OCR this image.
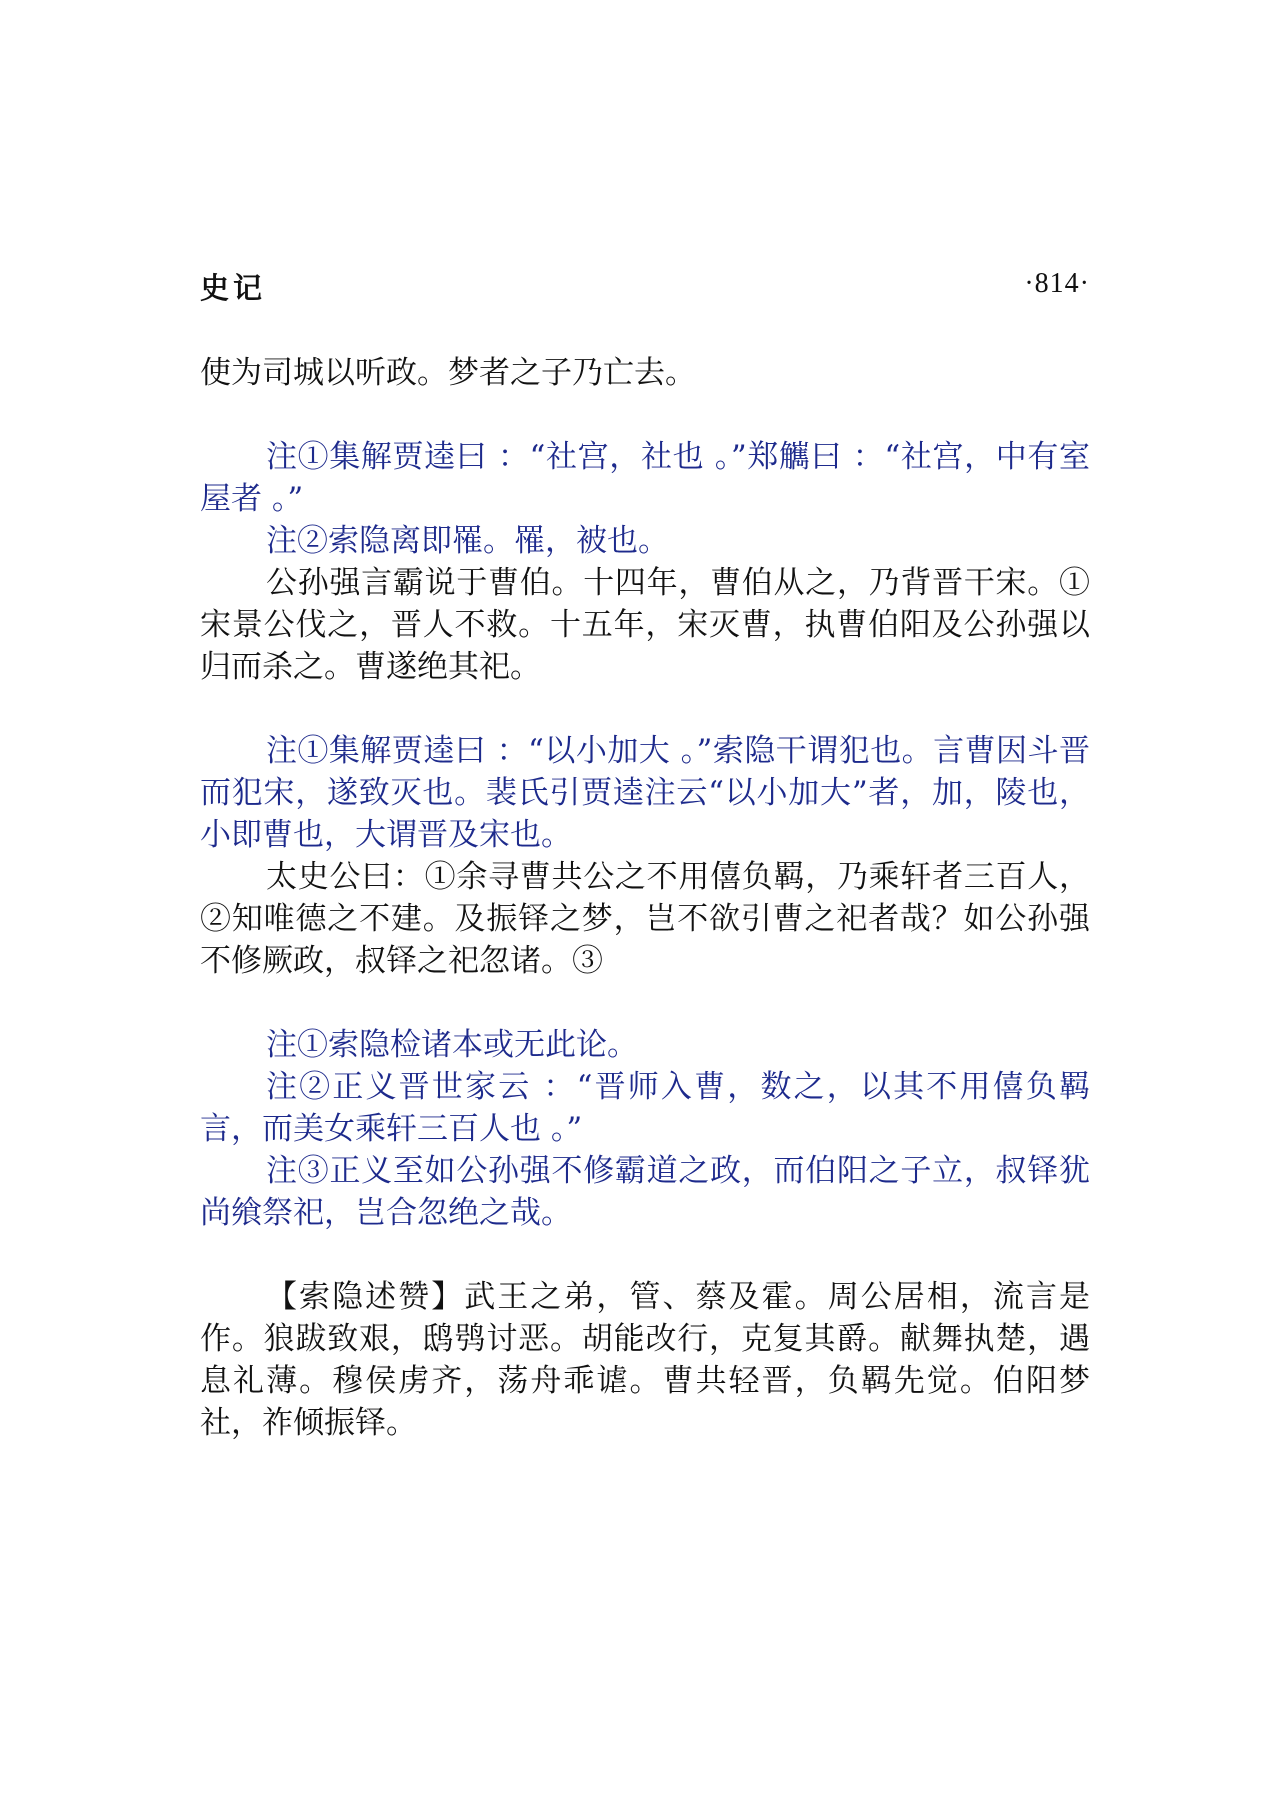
史记	·814·

使为司城以听政。梦者之子乃亡去。

注①集解贾逵曰 ：“社宫，社也 。”郑觽曰 ：“社宫，中有室屋者 。”

注②索隐离即罹。罹，被也。

公孙强言霸说于曹伯。十四年，曹伯从之，乃背晋干宋。①宋景公伐之，晋人不救。十五年，宋灭曹，执曹伯阳及公孙强以归而杀之。曹遂绝其祀。

注①集解贾逵曰 ：“以小加大 。”索隐干谓犯也。言曹因斗晋而犯宋，遂致灭也。裴氏引贾逵注云“以小加大”者，加，陵也，小即曹也，大谓晋及宋也。

太史公曰：①余寻曹共公之不用僖负羁，乃乘轩者三百人，②知唯德之不建。及振铎之梦，岂不欲引曹之祀者哉？如公孙强不修厥政，叔铎之祀忽诸。③

注①索隐检诸本或无此论。

注②正义晋世家云 ：“晋师入曹，数之，以其不用僖负羁言，而美女乘轩三百人也 。”

注③正义至如公孙强不修霸道之政，而伯阳之子立，叔铎犹尚飨祭祀，岂合忽绝之哉。

【索隐述赞】武王之弟，管、蔡及霍。周公居相，流言是作。狼跋致艰，鸱鸮讨恶。胡能改行，克复其爵。献舞执楚，遇息礼薄。穆侯虏齐，荡舟乖谑。曹共轻晋，负羁先觉。伯阳梦社，祚倾振铎。
